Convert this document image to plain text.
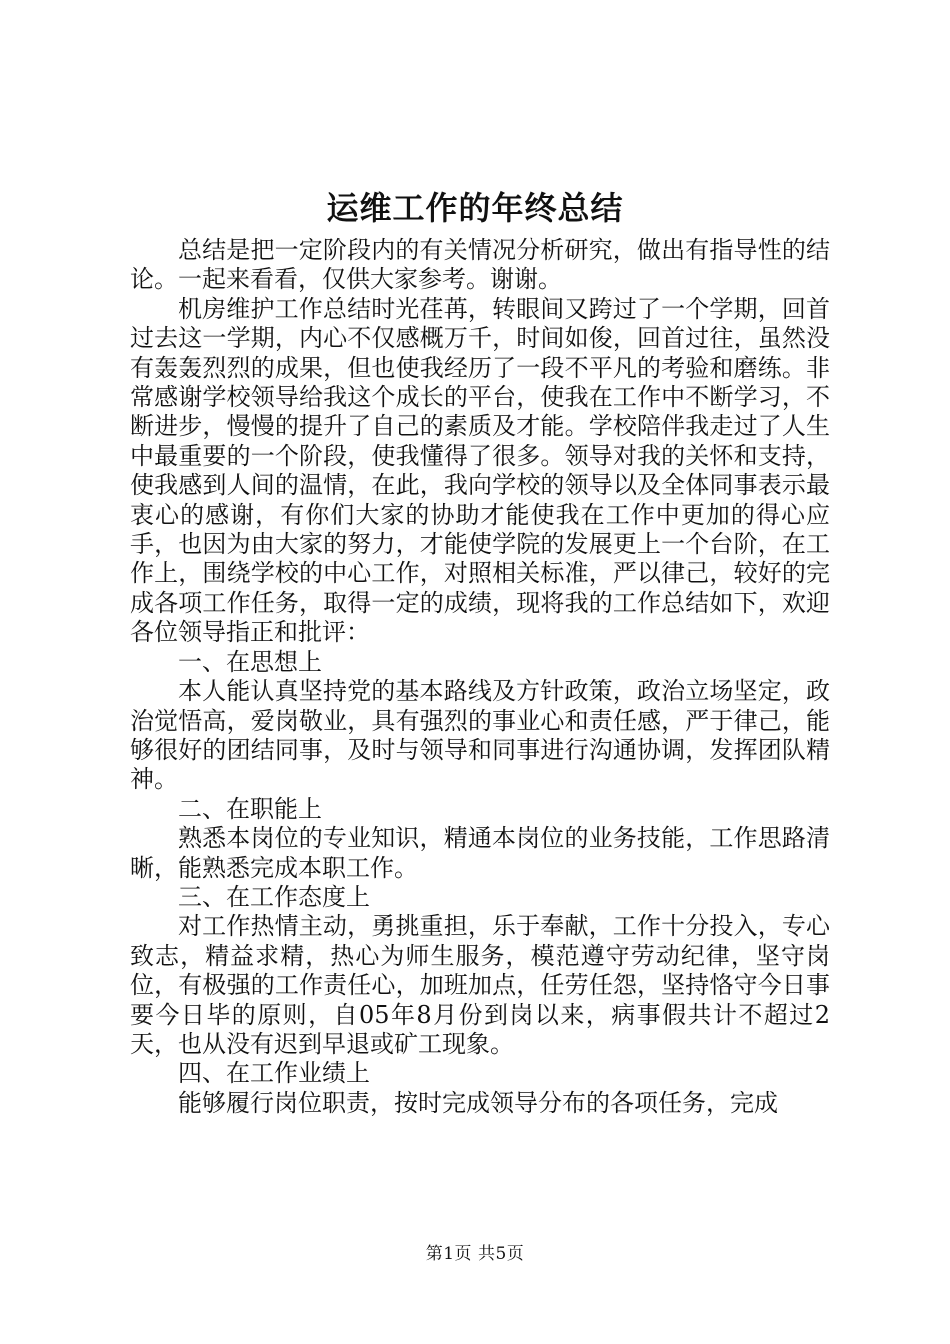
运维工作的年终总结

总结是把一定阶段内的有关情况分析研究，做出有指导性的结论。一起来看看，仅供大家参考。谢谢。

机房维护工作总结时光荏苒，转眼间又跨过了一个学期，回首过去这一学期，内心不仅感概万千，时间如俊，回首过往，虽然没有轰轰烈烈的成果，但也使我经历了一段不平凡的考验和磨练。非常感谢学校领导给我这个成长的平台，使我在工作中不断学习，不断进步，慢慢的提升了自己的素质及才能。学校陪伴我走过了人生中最重要的一个阶段，使我懂得了很多。领导对我的关怀和支持，使我感到人间的温情，在此，我向学校的领导以及全体同事表示最衷心的感谢，有你们大家的协助才能使我在工作中更加的得心应手，也因为由大家的努力，才能使学院的发展更上一个台阶，在工作上，围绕学校的中心工作，对照相关标准，严以律己，较好的完成各项工作任务，取得一定的成绩，现将我的工作总结如下，欢迎各位领导指正和批评：

一、在思想上

本人能认真坚持党的基本路线及方针政策，政治立场坚定，政治觉悟高，爱岗敬业，具有强烈的事业心和责任感，严于律己，能够很好的团结同事，及时与领导和同事进行沟通协调，发挥团队精神。

二、在职能上

熟悉本岗位的专业知识，精通本岗位的业务技能，工作思路清晰，能熟悉完成本职工作。

三、在工作态度上

对工作热情主动，勇挑重担，乐于奉献，工作十分投入，专心致志，精益求精，热心为师生服务，模范遵守劳动纪律，坚守岗位，有极强的工作责任心，加班加点，任劳任怨，坚持恪守今日事要今日毕的原则，自05年8月份到岗以来，病事假共计不超过2天，也从没有迟到早退或矿工现象。

四、在工作业绩上

能够履行岗位职责，按时完成领导分布的各项任务，完成

第1页 共5页
